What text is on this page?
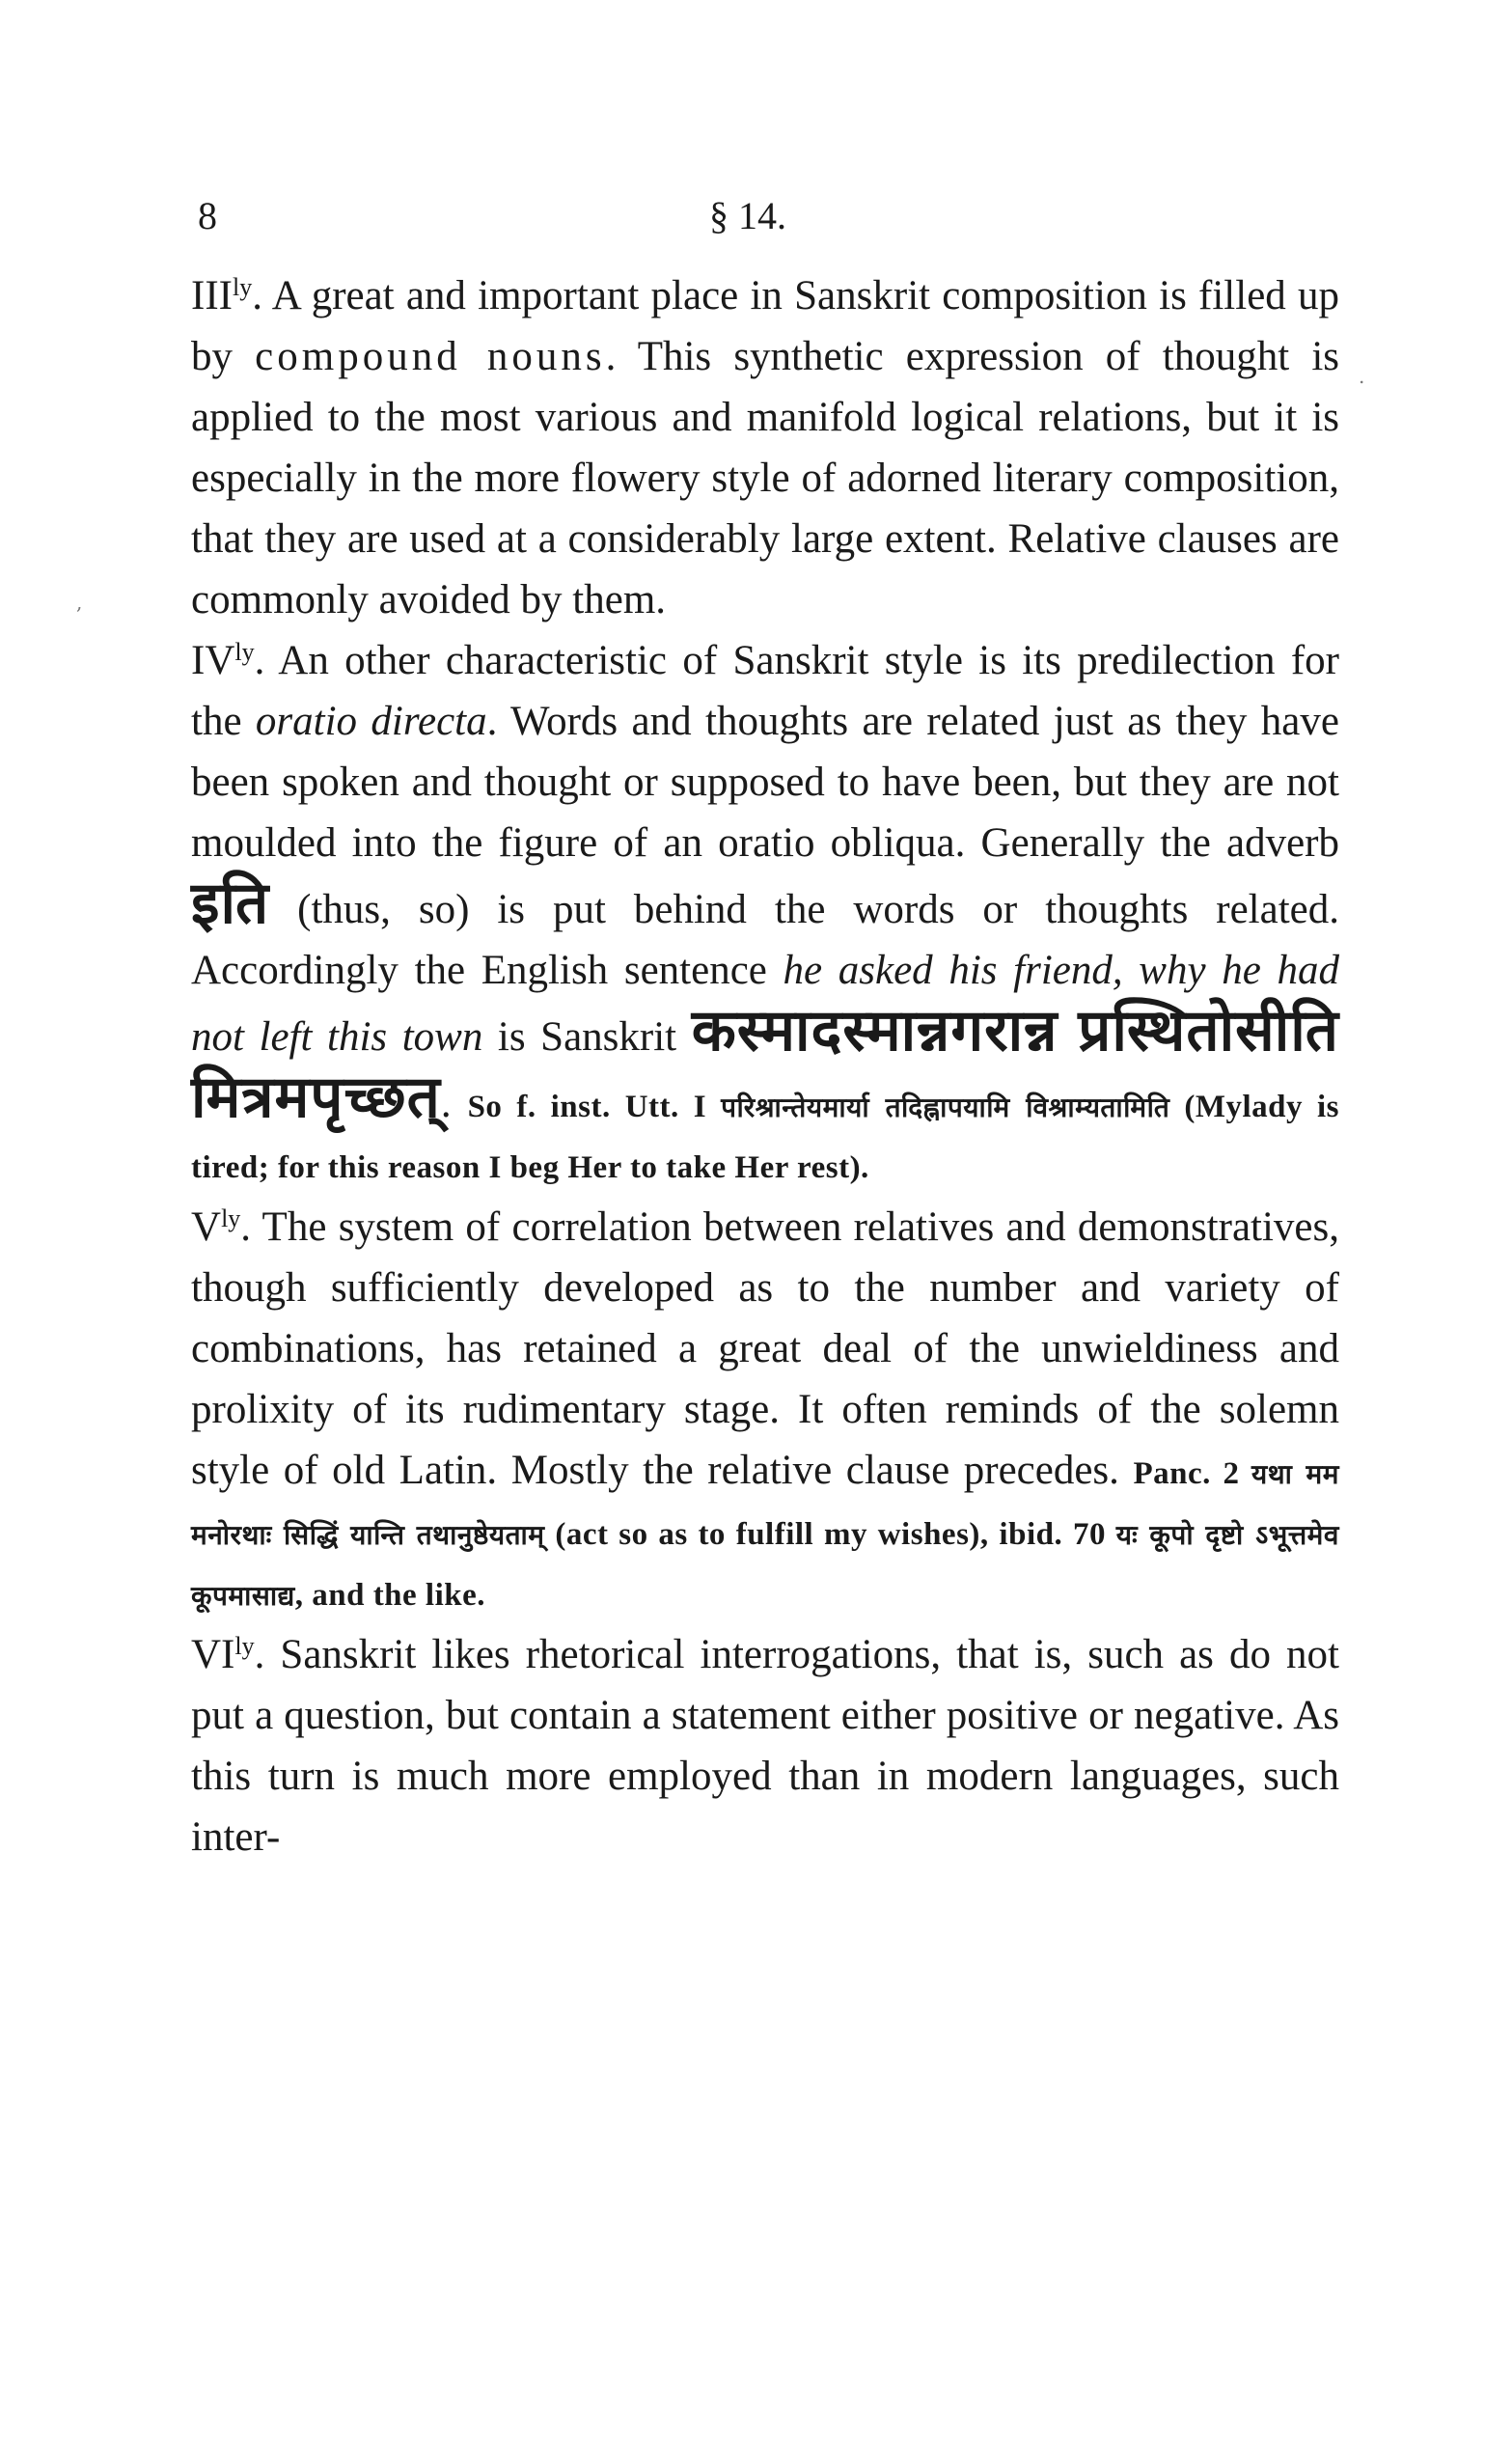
8	§ 14.
,
.

$III^{ly}$. A great and important place in Sanskrit composition is filled up by compound nouns. This synthetic expression of thought is applied to the most various and manifold logical relations, but it is especially in the more flowery style of adorned literary composition, that they are used at a considerably large extent. Relative clauses are commonly avoided by them.

$IV^{ly}$. An other characteristic of Sanskrit style is its predilection for the oratio directa. Words and thoughts are related just as they have been spoken and thought or supposed to have been, but they are not moulded into the figure of an oratio obliqua. Generally the adverb इति (thus, so) is put behind the words or thoughts related. Accordingly the English sentence he asked his friend, why he had not left this town is Sanskrit कस्मादस्मान्नगरान्न प्रस्थितोसीति मित्रमपृच्छत्. So f. inst. Utt. I परिश्रान्तेयमार्या तदिह्नापयामि विश्राम्यतामिति (Mylady is tired; for this reason I beg Her to take Her rest).

$V^{ly}$. The system of correlation between relatives and demonstratives, though sufficiently developed as to the number and variety of combinations, has retained a great deal of the unwieldiness and prolixity of its rudimentary stage. It often reminds of the solemn style of old Latin. Mostly the relative clause precedes. Panc. 2 यथा मम मनोरथाः सिद्धिं यान्ति तथानुष्ठेयताम् (act so as to fulfill my wishes), ibid. 70 यः कूपो दृष्टो ऽभूत्तमेव कूपमासाद्य, and the like.

$VI^{ly}$. Sanskrit likes rhetorical interrogations, that is, such as do not put a question, but contain a statement either positive or negative. As this turn is much more employed than in modern languages, such inter-
